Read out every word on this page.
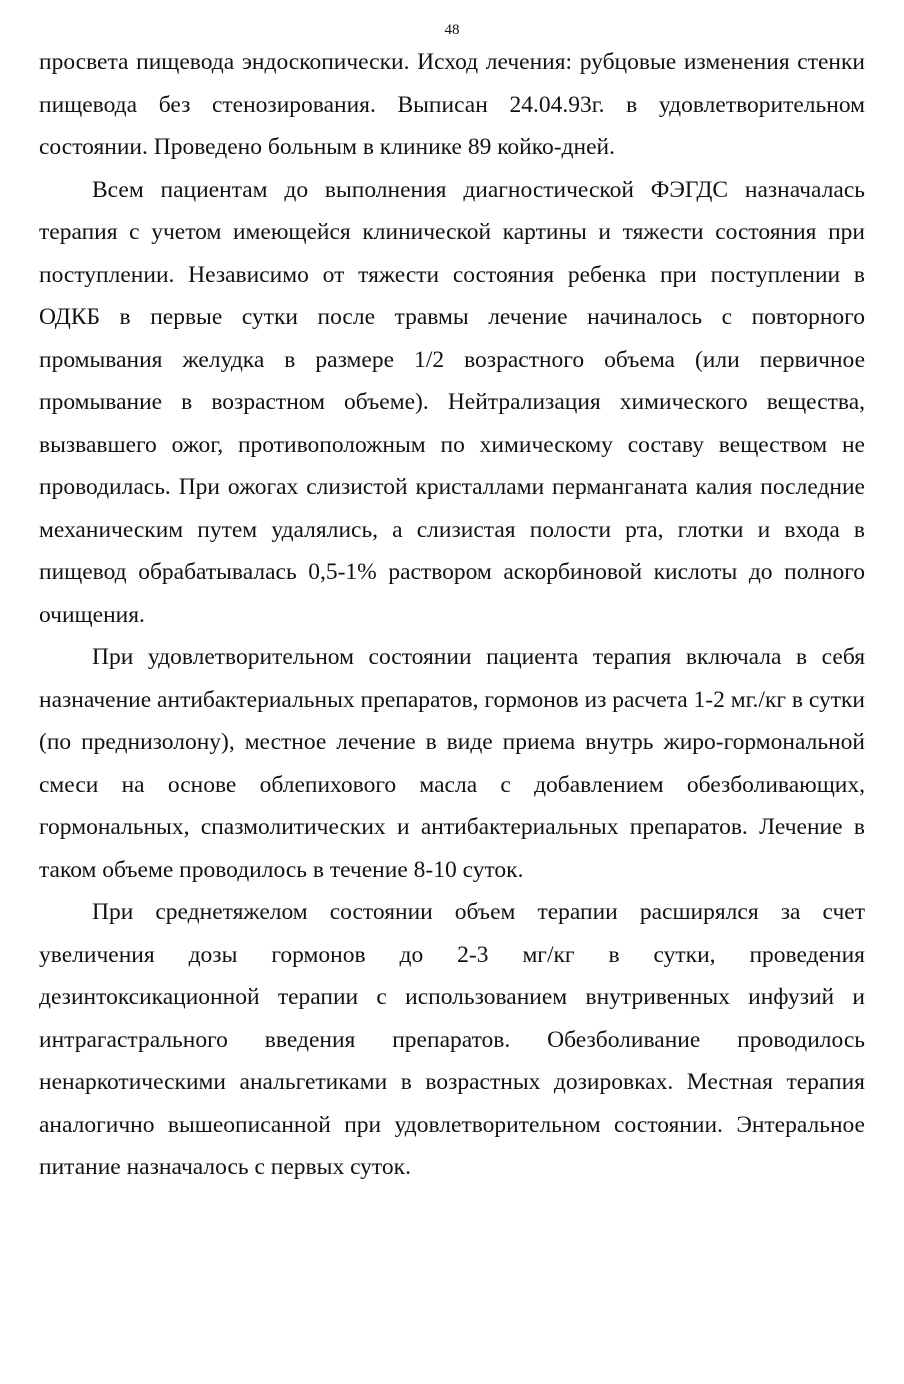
48

просвета пищевода эндоскопически. Исход лечения: рубцовые изменения стенки пищевода без стенозирования. Выписан 24.04.93г. в удовлетворительном состоянии. Проведено больным в клинике 89 койко-дней.

Всем пациентам до выполнения диагностической ФЭГДС назначалась терапия с учетом имеющейся клинической картины и тяжести состояния при поступлении. Независимо от тяжести состояния ребенка при поступлении в ОДКБ в первые сутки после травмы лечение начиналось с повторного промывания желудка в размере 1/2 возрастного объема (или первичное промывание в возрастном объеме). Нейтрализация химического вещества, вызвавшего ожог, противоположным по химическому составу веществом не проводилась. При ожогах слизистой кристаллами перманганата калия последние механическим путем удалялись, а слизистая полости рта, глотки и входа в пищевод обрабатывалась 0,5-1% раствором аскорбиновой кислоты до полного очищения.

При удовлетворительном состоянии пациента терапия включала в себя назначение антибактериальных препаратов, гормонов из расчета 1-2 мг./кг в сутки (по преднизолону), местное лечение в виде приема внутрь жиро-гормональной смеси на основе облепихового масла с добавлением обезболивающих, гормональных, спазмолитических и антибактериальных препаратов. Лечение в таком объеме проводилось в течение 8-10 суток.

При среднетяжелом состоянии объем терапии расширялся за счет увеличения дозы гормонов до 2-3 мг/кг в сутки, проведения дезинтоксикационной терапии с использованием внутривенных инфузий и интрагастрального введения препаратов. Обезболивание проводилось ненаркотическими анальгетиками в возрастных дозировках. Местная терапия аналогично вышеописанной при удовлетворительном состоянии. Энтеральное питание назначалось с первых суток.
